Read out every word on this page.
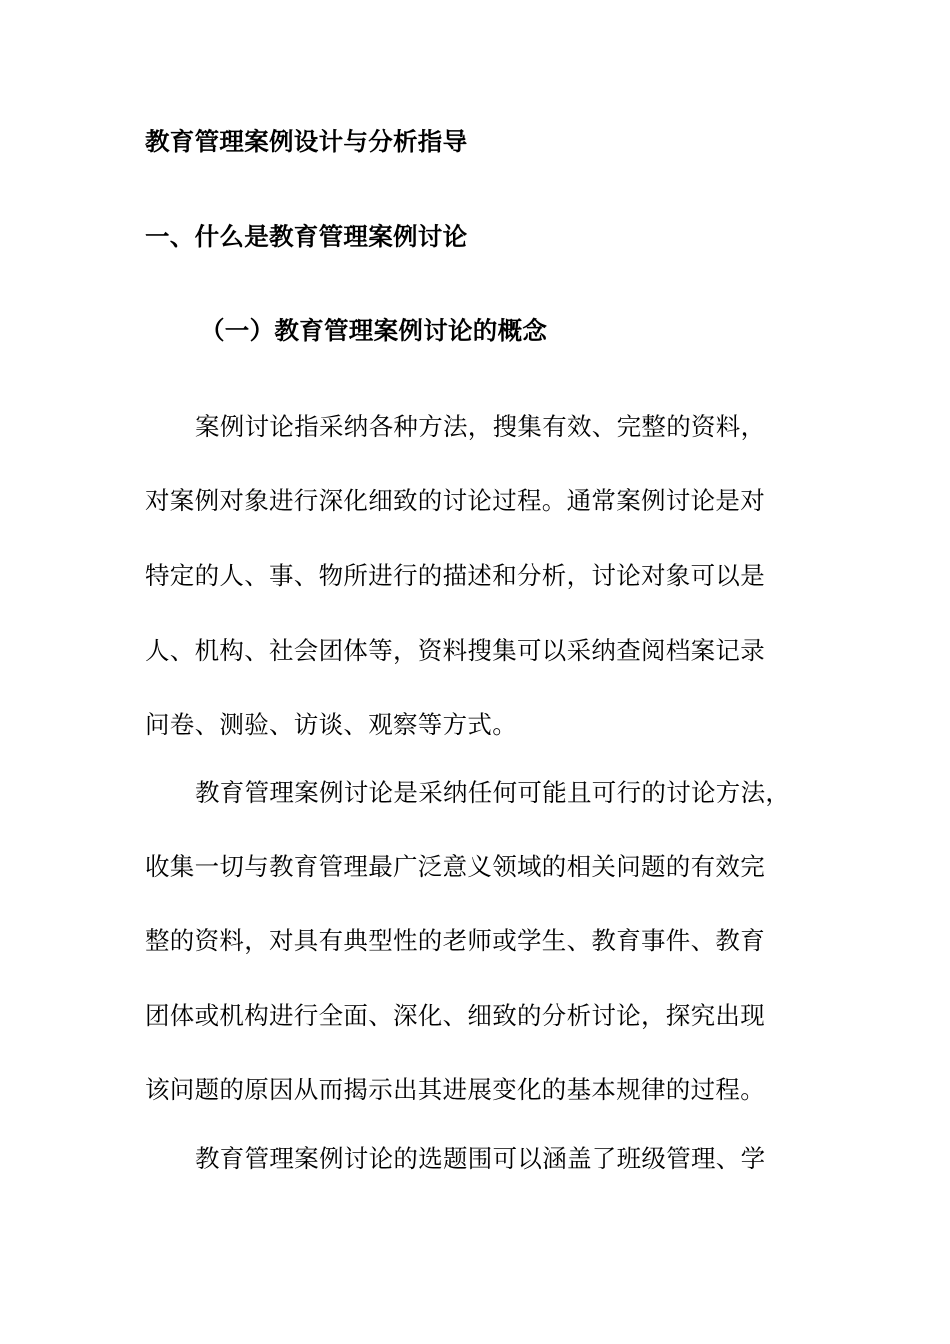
教育管理案例设计与分析指导
一、什么是教育管理案例讨论
（一）教育管理案例讨论的概念
案例讨论指采纳各种方法，搜集有效、完整的资料，
对案例对象进行深化细致的讨论过程。通常案例讨论是对
特定的人、事、物所进行的描述和分析，讨论对象可以是
人、机构、社会团体等，资料搜集可以采纳查阅档案记录
问卷、测验、访谈、观察等方式。
教育管理案例讨论是采纳任何可能且可行的讨论方法，
收集一切与教育管理最广泛意义领域的相关问题的有效完
整的资料，对具有典型性的老师或学生、教育事件、教育
团体或机构进行全面、深化、细致的分析讨论，探究出现
该问题的原因从而揭示出其进展变化的基本规律的过程。
教育管理案例讨论的选题围可以涵盖了班级管理、学
